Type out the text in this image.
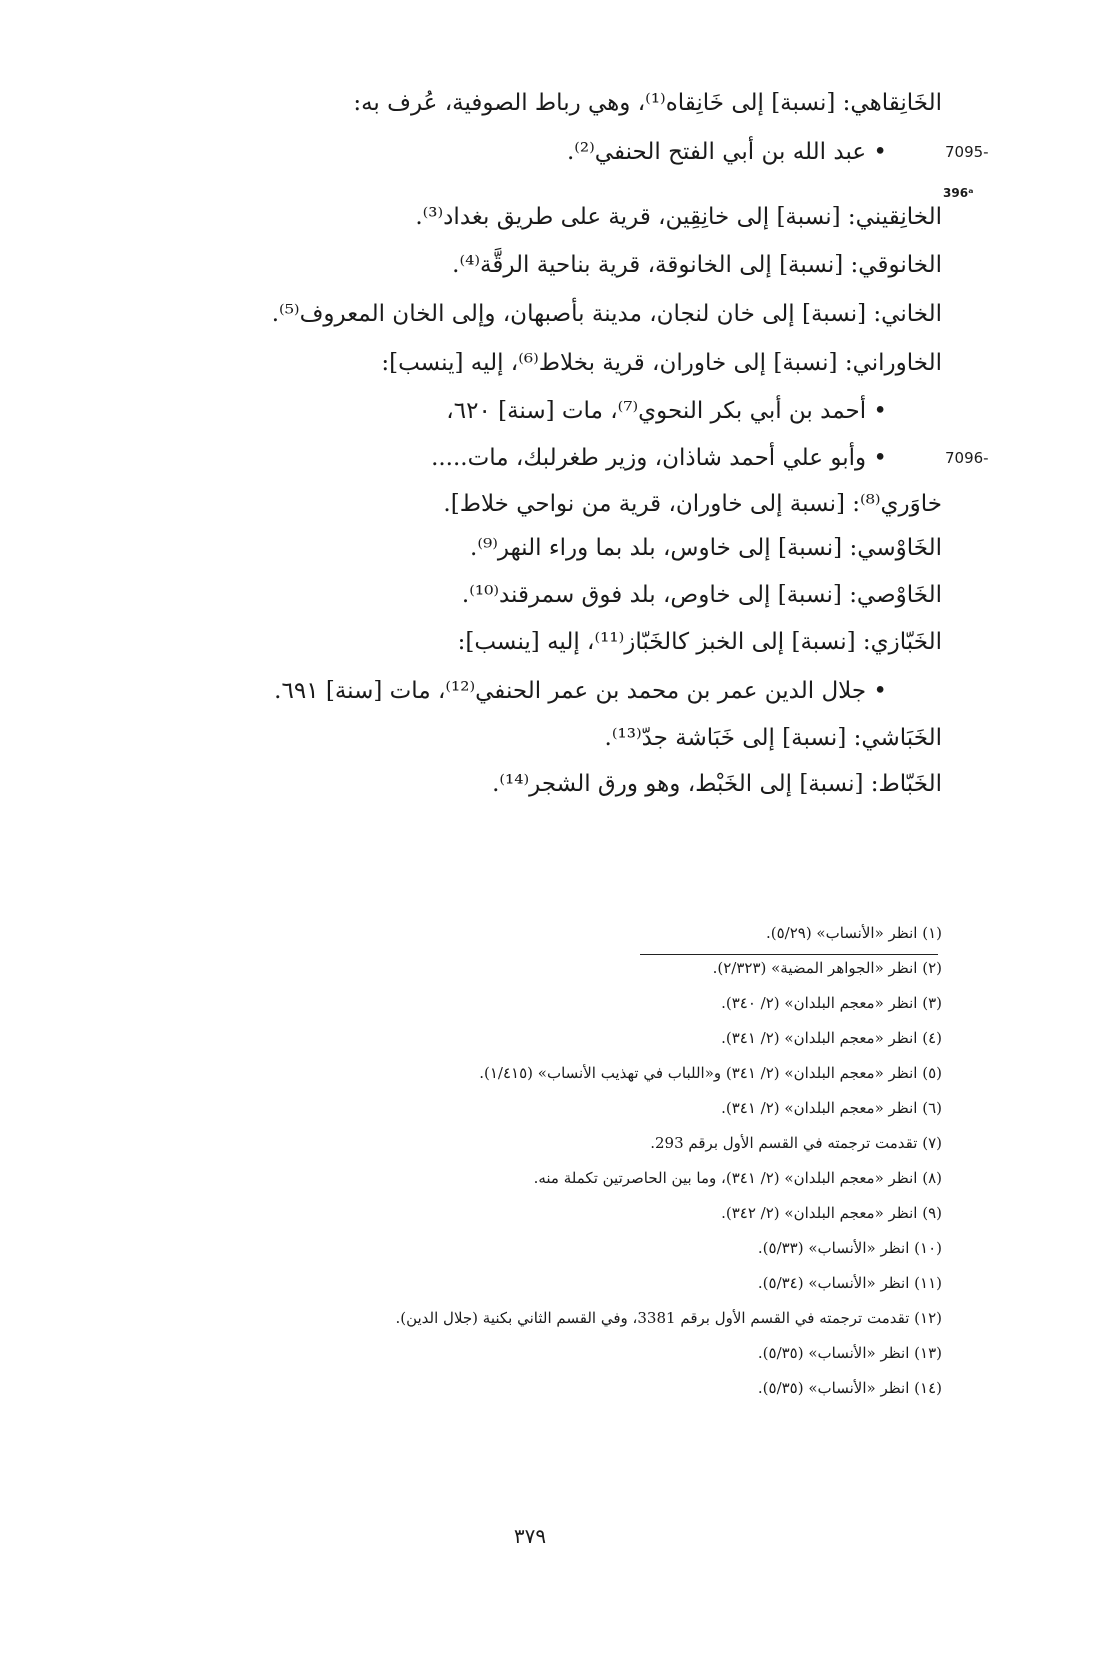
الخَانِقاهي: [نسبة] إلى خَانِقاه⁽¹⁾، وهي رباط الصوفية، عُرف به:
• عبد الله بن أبي الفتح الحنفي⁽²⁾.	7095-
396ᵃ
الخانِقيني: [نسبة] إلى خانِقِين، قرية على طريق بغداد⁽³⁾.
الخانوقي: [نسبة] إلى الخانوقة، قرية بناحية الرقَّة⁽⁴⁾.
الخاني: [نسبة] إلى خان لنجان، مدينة بأصبهان، وإلى الخان المعروف⁽⁵⁾.
الخاوراني: [نسبة] إلى خاوران، قرية بخلاط⁽⁶⁾، إليه [ينسب]:
• أحمد بن أبي بكر النحوي⁽⁷⁾، مات [سنة] ٦٢٠،
• وأبو علي أحمد شاذان، وزير طغرلبك، مات.....	7096-
خاوَري⁽⁸⁾: [نسبة إلى خاوران، قرية من نواحي خلاط].
الخَاوْسي: [نسبة] إلى خاوس، بلد بما وراء النهر⁽⁹⁾.
الخَاوْصي: [نسبة] إلى خاوص، بلد فوق سمرقند⁽¹⁰⁾.
الخَبّازي: [نسبة] إلى الخبز كالخَبّاز⁽¹¹⁾، إليه [ينسب]:
• جلال الدين عمر بن محمد بن عمر الحنفي⁽¹²⁾، مات [سنة] ٦٩١.
الخَبَاشي: [نسبة] إلى خَبَاشة جدّ⁽¹³⁾.
الخَبّاط: [نسبة] إلى الخَبْط، وهو ورق الشجر⁽¹⁴⁾.
(١) انظر «الأنساب» (٥/٢٩).
(٢) انظر «الجواهر المضية» (٢/٣٢٣).
(٣) انظر «معجم البلدان» (٢/ ٣٤٠).
(٤) انظر «معجم البلدان» (٢/ ٣٤١).
(٥) انظر «معجم البلدان» (٢/ ٣٤١) و«اللباب في تهذيب الأنساب» (١/٤١٥).
(٦) انظر «معجم البلدان» (٢/ ٣٤١).
(٧) تقدمت ترجمته في القسم الأول برقم 293.
(٨) انظر «معجم البلدان» (٢/ ٣٤١)، وما بين الحاصرتين تكملة منه.
(٩) انظر «معجم البلدان» (٢/ ٣٤٢).
(١٠) انظر «الأنساب» (٥/٣٣).
(١١) انظر «الأنساب» (٥/٣٤).
(١٢) تقدمت ترجمته في القسم الأول برقم 3381، وفي القسم الثاني بكنية (جلال الدين).
(١٣) انظر «الأنساب» (٥/٣٥).
(١٤) انظر «الأنساب» (٥/٣٥).
٣٧٩
